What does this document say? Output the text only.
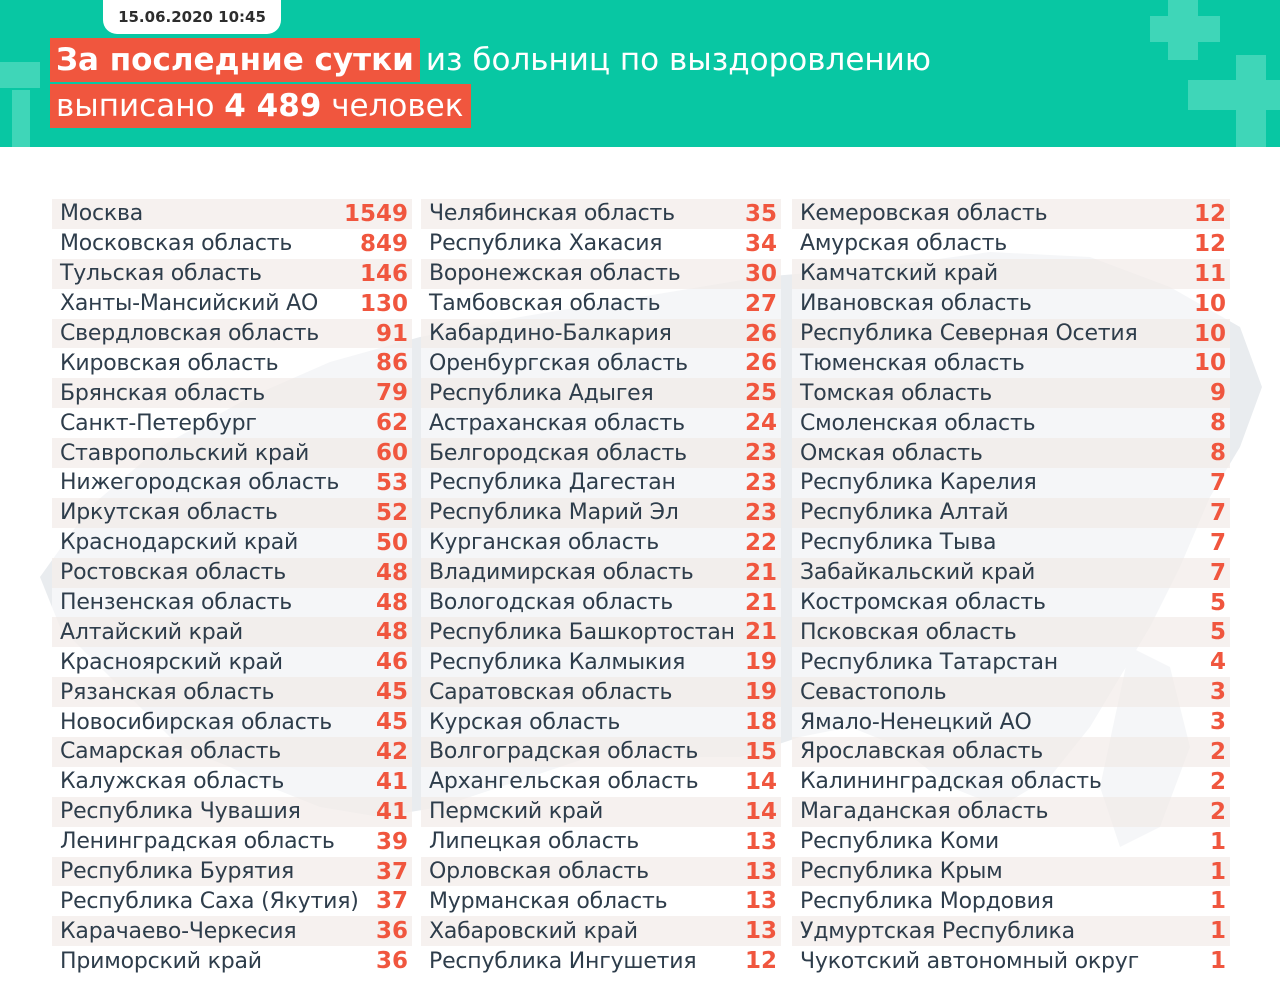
15.06.2020 10:45
За последние сутки из больниц по выздоровлению
выписано 4 489 человек
Москва	1549
Московская область	849
Тульская область	146
Ханты-Мансийский АО 130
Свердловская область 91
Кировская область	86
Брянская область	79
Санкт-Петербург	62
Ставропольский край	60
Нижегородская область 53
Иркутская область	52
Краснодарский край	50
Ростовская область	48
Пензенская область	48
Алтайский край	48
Красноярский край	46
Рязанская область	45
Новосибирская область 45
Самарская область	42
Калужская область	41
Республика Чувашия	41
Ленинградская область 39
Республика Бурятия	37
Республика Саха (Якутия) 37
Карачаево-Черкесия	36
Приморский край	36
Челябинская область	35
Республика Хакасия	34
Воронежская область	30
Тамбовская область	27
Кабардино-Балкария	26
Оренбургская область 26
Республика Адыгея	25
Астраханская область	24
Белгородская область	23
Республика Дагестан	23
Республика Марий Эл	23
Курганская область	22
Владимирская область 21
Вологодская область	21
Республика Башкортостан 21
Республика Калмыкия	19
Саратовская область	19
Курская область	18
Волгоградская область 15
Архангельская область 14
Пермский край	14
Липецкая область	13
Орловская область	13
Мурманская область	13
Хабаровский край	13
Республика Ингушетия 12
Кемеровская область	12
Амурская область	12
Камчатский край	11
Ивановская область	10
Республика Северная Осетия 10
Тюменская область	10
Томская область	9
Смоленская область	8
Омская область	8
Республика Карелия	7
Республика Алтай	7
Республика Тыва	7
Забайкальский край	7
Костромская область	5
Псковская область	5
Республика Татарстан	4
Севастополь	3
Ямало-Ненецкий АО	3
Ярославская область	2
Калининградская область	2
Магаданская область	2
Республика Коми	1
Республика Крым	1
Республика Мордовия	1
Удмуртская Республика	1
Чукотский автономный округ	1
